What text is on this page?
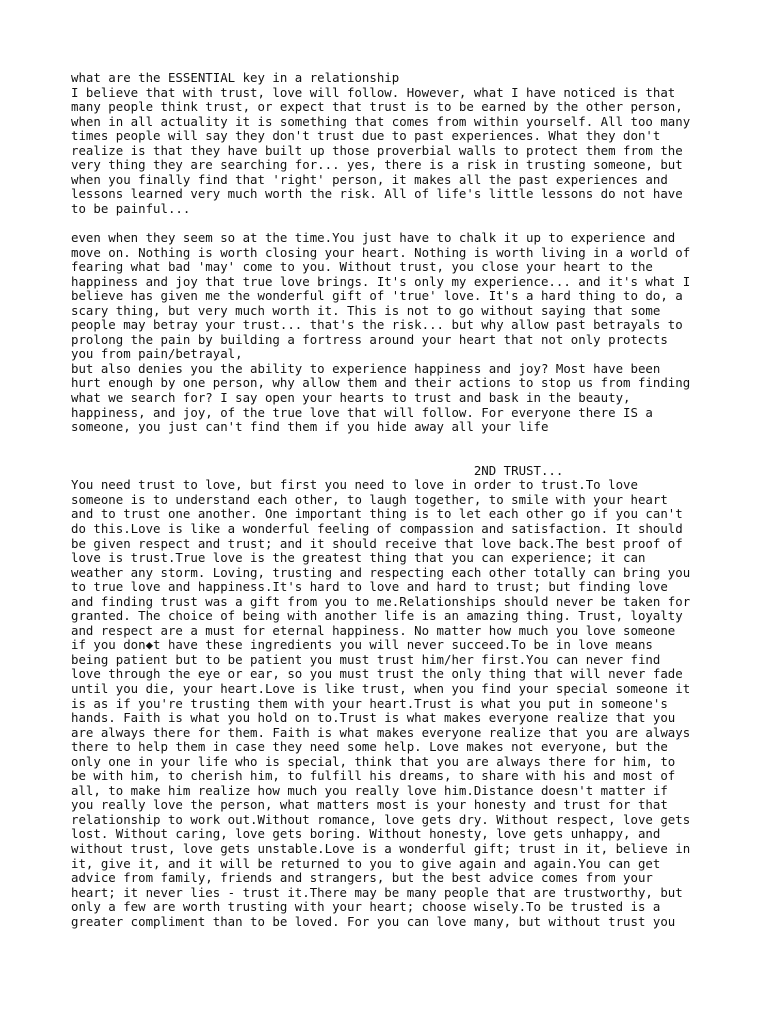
what are the ESSENTIAL key in a relationship
I believe that with trust, love will follow. However, what I have noticed is that
many people think trust, or expect that trust is to be earned by the other person,
when in all actuality it is something that comes from within yourself. All too many
times people will say they don't trust due to past experiences. What they don't
realize is that they have built up those proverbial walls to protect them from the
very thing they are searching for... yes, there is a risk in trusting someone, but
when you finally find that 'right' person, it makes all the past experiences and
lessons learned very much worth the risk. All of life's little lessons do not have
to be painful...
even when they seem so at the time.You just have to chalk it up to experience and
move on. Nothing is worth closing your heart. Nothing is worth living in a world of
fearing what bad 'may' come to you. Without trust, you close your heart to the
happiness and joy that true love brings. It's only my experience... and it's what I
believe has given me the wonderful gift of 'true' love. It's a hard thing to do, a
scary thing, but very much worth it. This is not to go without saying that some
people may betray your trust... that's the risk... but why allow past betrayals to
prolong the pain by building a fortress around your heart that not only protects
you from pain/betrayal,
but also denies you the ability to experience happiness and joy? Most have been
hurt enough by one person, why allow them and their actions to stop us from finding
what we search for? I say open your hearts to trust and bask in the beauty,
happiness, and joy, of the true love that will follow. For everyone there IS a
someone, you just can't find them if you hide away all your life
2ND TRUST...
You need trust to love, but first you need to love in order to trust.To love
someone is to understand each other, to laugh together, to smile with your heart
and to trust one another. One important thing is to let each other go if you can't
do this.Love is like a wonderful feeling of compassion and satisfaction. It should
be given respect and trust; and it should receive that love back.The best proof of
love is trust.True love is the greatest thing that you can experience; it can
weather any storm. Loving, trusting and respecting each other totally can bring you
to true love and happiness.It's hard to love and hard to trust; but finding love
and finding trust was a gift from you to me.Relationships should never be taken for
granted. The choice of being with another life is an amazing thing. Trust, loyalty
and respect are a must for eternal happiness. No matter how much you love someone
if you don◆t have these ingredients you will never succeed.To be in love means
being patient but to be patient you must trust him/her first.You can never find
love through the eye or ear, so you must trust the only thing that will never fade
until you die, your heart.Love is like trust, when you find your special someone it
is as if you're trusting them with your heart.Trust is what you put in someone's
hands. Faith is what you hold on to.Trust is what makes everyone realize that you
are always there for them. Faith is what makes everyone realize that you are always
there to help them in case they need some help. Love makes not everyone, but the
only one in your life who is special, think that you are always there for him, to
be with him, to cherish him, to fulfill his dreams, to share with his and most of
all, to make him realize how much you really love him.Distance doesn't matter if
you really love the person, what matters most is your honesty and trust for that
relationship to work out.Without romance, love gets dry. Without respect, love gets
lost. Without caring, love gets boring. Without honesty, love gets unhappy, and
without trust, love gets unstable.Love is a wonderful gift; trust in it, believe in
it, give it, and it will be returned to you to give again and again.You can get
advice from family, friends and strangers, but the best advice comes from your
heart; it never lies - trust it.There may be many people that are trustworthy, but
only a few are worth trusting with your heart; choose wisely.To be trusted is a
greater compliment than to be loved. For you can love many, but without trust you
